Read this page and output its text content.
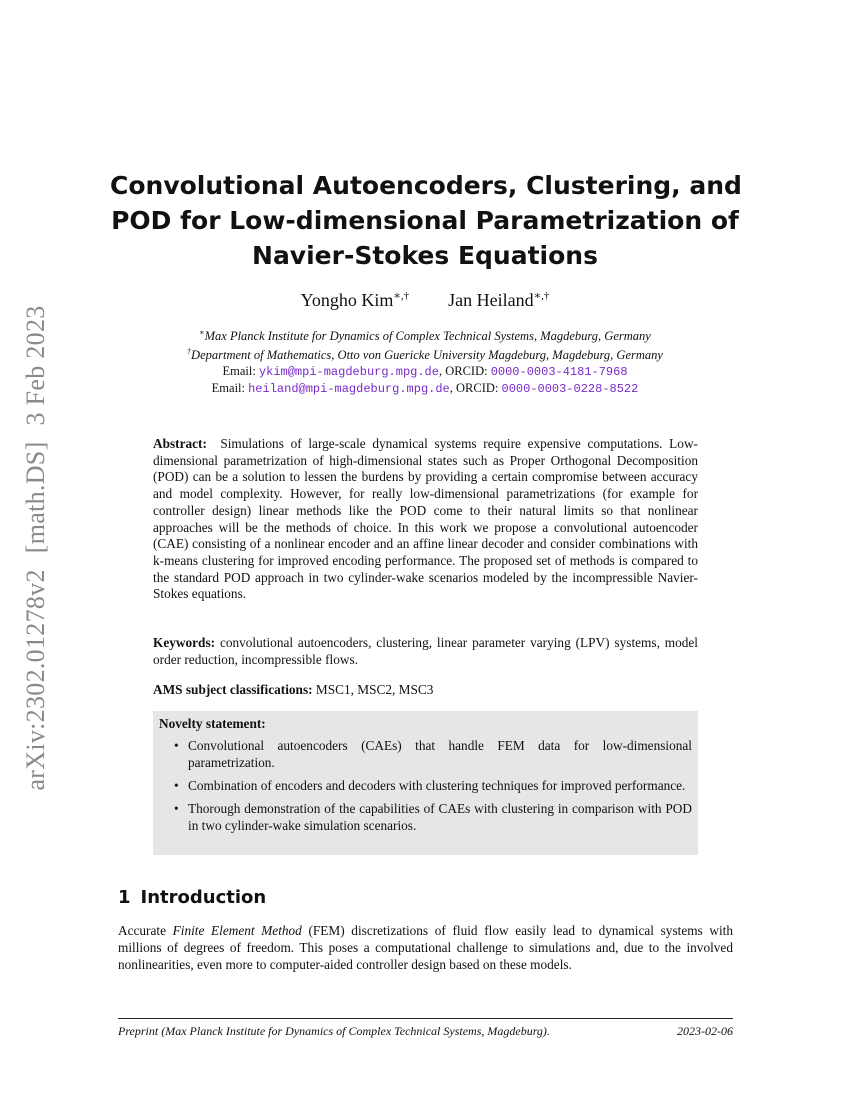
arXiv:2302.01278v2[math.DS]3 Feb 2023
Convolutional Autoencoders, Clustering, and
POD for Low-dimensional Parametrization of
Navier-Stokes Equations
Yongho Kim∗,† Jan Heiland∗,†
∗Max Planck Institute for Dynamics of Complex Technical Systems, Magdeburg, Germany
†Department of Mathematics, Otto von Guericke University Magdeburg, Magdeburg, Germany
Email: ykim@mpi-magdeburg.mpg.de, ORCID: 0000-0003-4181-7968
Email: heiland@mpi-magdeburg.mpg.de, ORCID: 0000-0003-0228-8522
Abstract: Simulations of large-scale dynamical systems require expensive computations. Low-dimensional parametrization of high-dimensional states such as Proper Orthogonal Decomposition (POD) can be a solution to lessen the burdens by providing a certain compromise between accuracy and model complexity. However, for really low-dimensional parametrizations (for example for controller design) linear methods like the POD come to their natural limits so that nonlinear approaches will be the methods of choice. In this work we propose a convolutional autoencoder (CAE) consisting of a nonlinear encoder and an affine linear decoder and consider combinations with k-means clustering for improved encoding performance. The proposed set of methods is compared to the standard POD approach in two cylinder-wake scenarios modeled by the incompressible Navier-Stokes equations.
Keywords: convolutional autoencoders, clustering, linear parameter varying (LPV) systems, model order reduction, incompressible flows.
AMS subject classifications: MSC1, MSC2, MSC3
Novelty statement:
• Convolutional autoencoders (CAEs) that handle FEM data for low-dimensional parametrization.
• Combination of encoders and decoders with clustering techniques for improved performance.
• Thorough demonstration of the capabilities of CAEs with clustering in comparison with POD in two cylinder-wake simulation scenarios.
1 Introduction
Accurate Finite Element Method (FEM) discretizations of fluid flow easily lead to dynamical systems with millions of degrees of freedom. This poses a computational challenge to simulations and, due to the involved nonlinearities, even more to computer-aided controller design based on these models.
Preprint (Max Planck Institute for Dynamics of Complex Technical Systems, Magdeburg).	2023-02-06
